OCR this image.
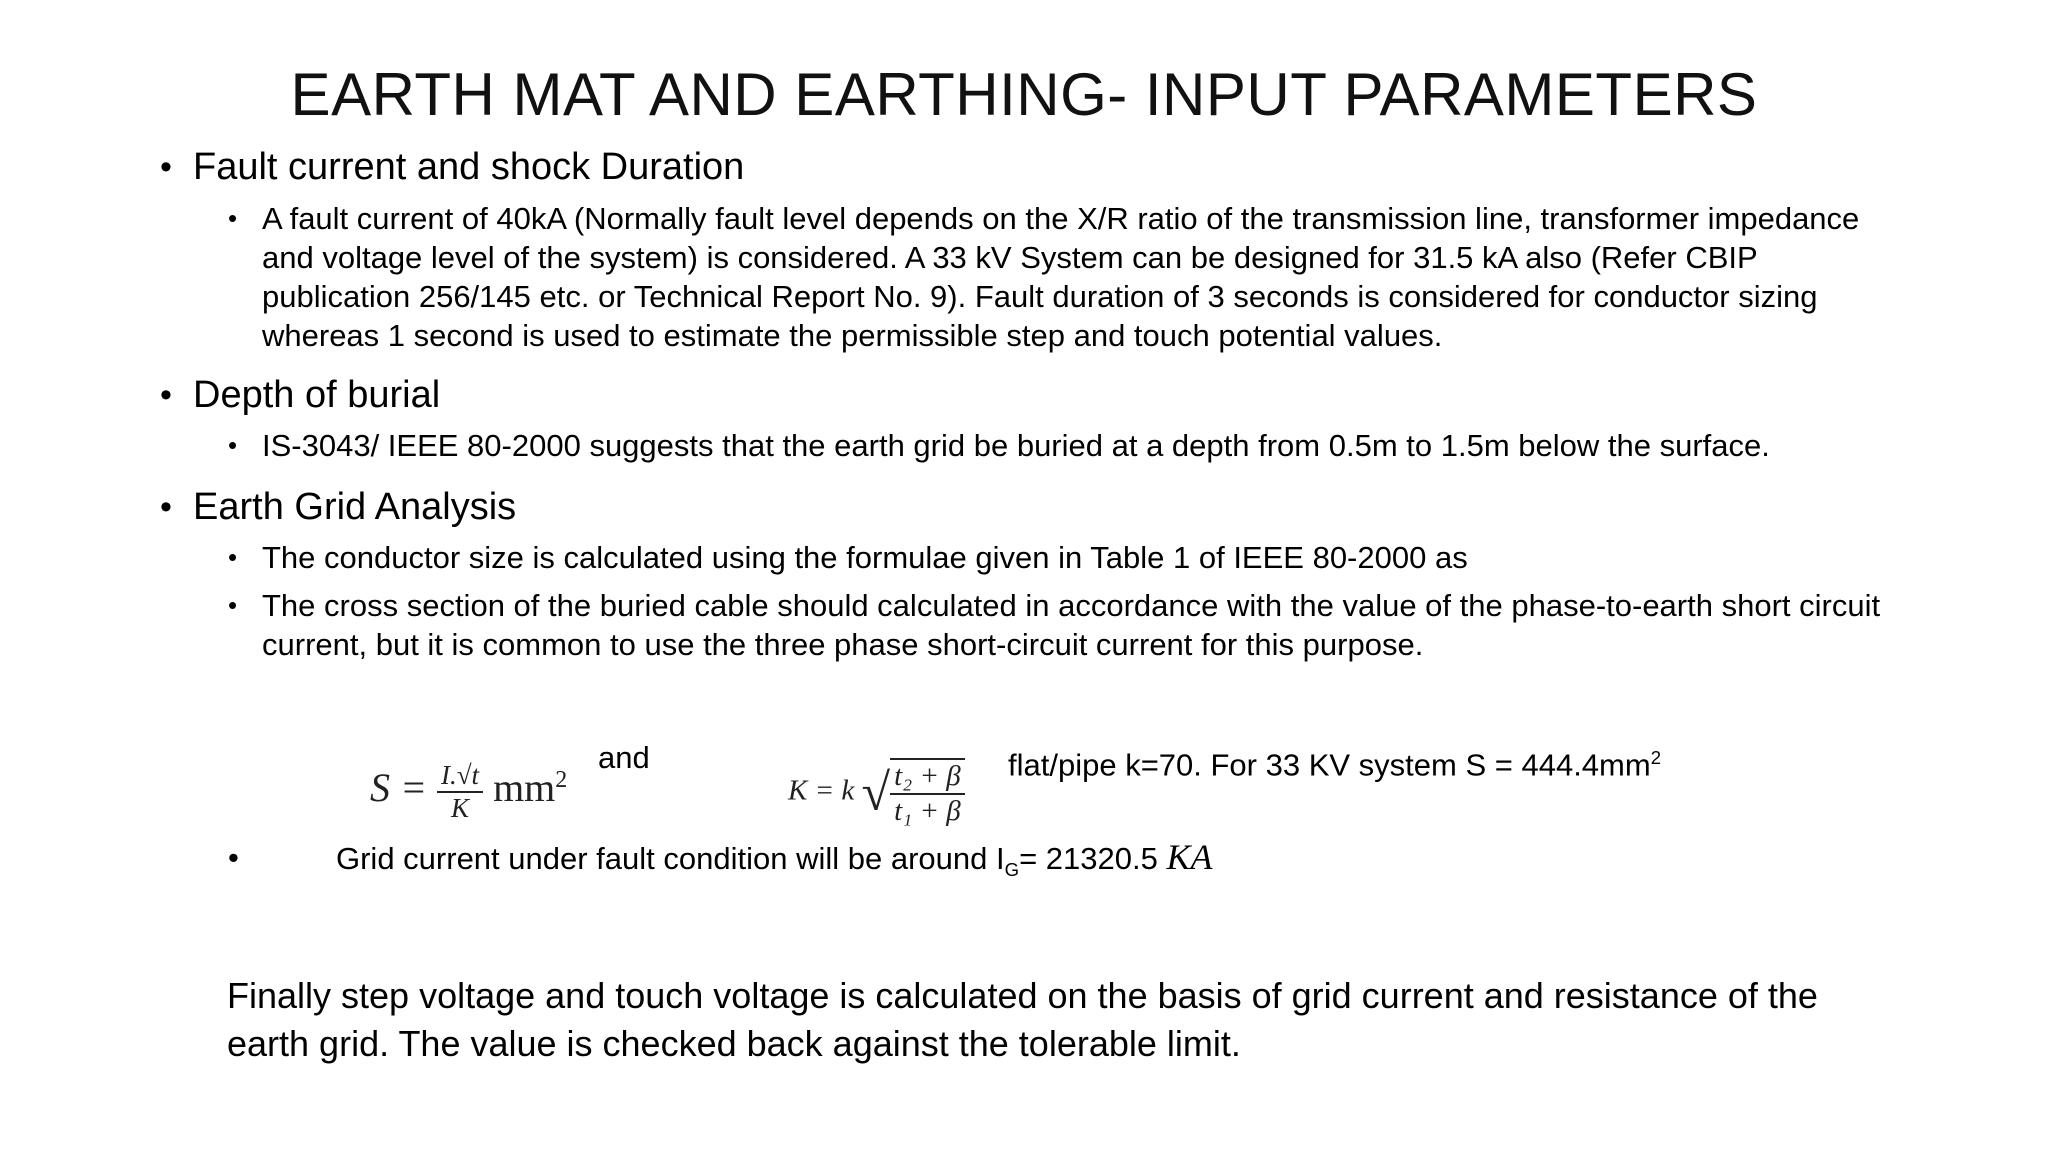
EARTH MAT AND EARTHING- INPUT PARAMETERS
• Fault current and shock Duration
• A fault current of 40kA (Normally fault level depends on the X/R ratio of the transmission line, transformer impedance and voltage level of the system) is considered. A 33 kV System can be designed for 31.5 kA also (Refer CBIP publication 256/145 etc. or Technical Report No. 9). Fault duration of 3 seconds is considered for conductor sizing whereas 1 second is used to estimate the permissible step and touch potential values.
• Depth of burial
• IS-3043/ IEEE 80-2000 suggests that the earth grid be buried at a depth from 0.5m to 1.5m below the surface.
• Earth Grid Analysis
• The conductor size is calculated using the formulae given in Table 1 of IEEE 80-2000 as
• The cross section of the buried cable should calculated in accordance with the value of the phase-to-earth short circuit current, but it is common to use the three phase short-circuit current for this purpose.
and	flat/pipe k=70. For 33 KV system $S = 444.4mm^2$
$S = \frac{I.√t}{K} mm^2$	K = k √ $\frac{\text{t₂ + β}}{\text{t₁ + β}}$
•	Grid current under fault condition will be around $I_G= 21320.5$ KA
Finally step voltage and touch voltage is calculated on the basis of grid current and resistance of the earth grid. The value is checked back against the tolerable limit.
